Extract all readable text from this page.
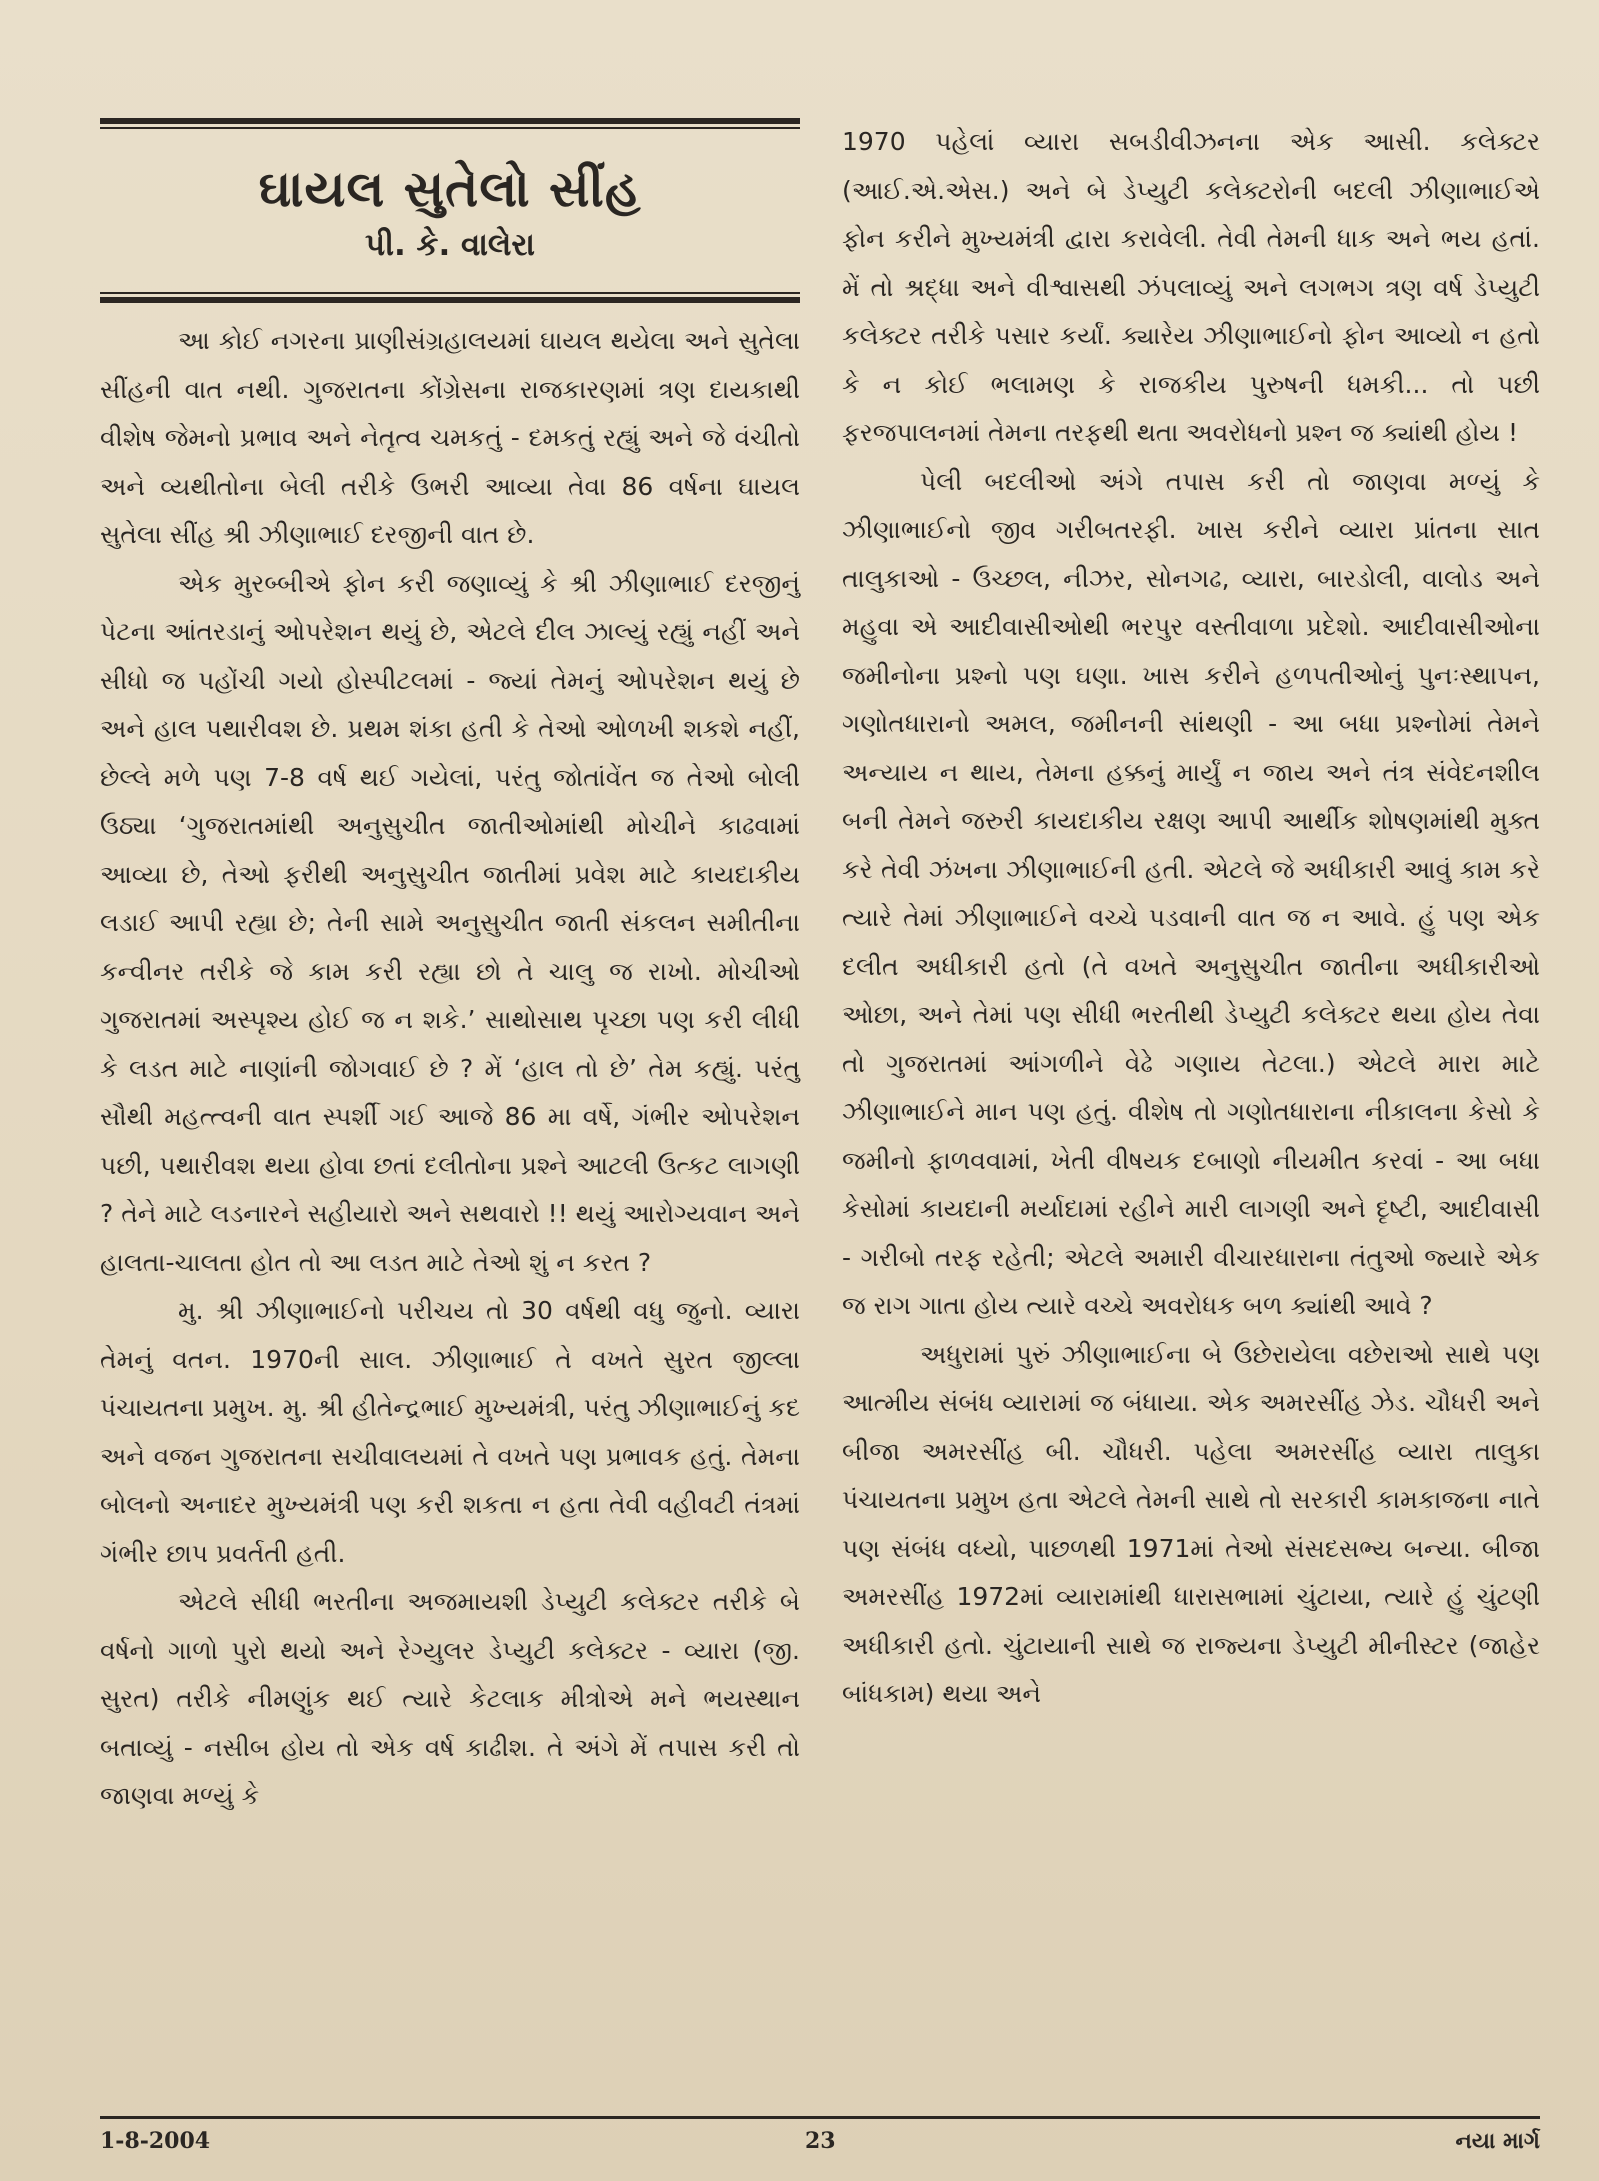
ઘાયલ સુતેલો સીંહ
પી. કે. વાલેરા

આ કોઈ નગરના પ્રાણીસંગ્રહાલયમાં ઘાયલ થયેલા અને સુતેલા સીંહની વાત નથી. ગુજરાતના કોંગ્રેસના રાજકારણમાં ત્રણ દાયકાથી વીશેષ જેમનો પ્રભાવ અને નેતૃત્વ ચમકતું - દમકતું રહ્યું અને જે વંચીતો અને વ્યથીતોના બેલી તરીકે ઉભરી આવ્યા તેવા 86 વર્ષના ઘાયલ સુતેલા સીંહ શ્રી ઝીણાભાઈ દરજીની વાત છે.

એક મુરબ્બીએ ફોન કરી જણાવ્યું કે શ્રી ઝીણાભાઈ દરજીનું પેટના આંતરડાનું ઓપરેશન થયું છે, એટલે દીલ ઝાલ્યું રહ્યું નહીં અને સીધો જ પહોંચી ગયો હોસ્પીટલમાં - જ્યાં તેમનું ઓપરેશન થયું છે અને હાલ પથારીવશ છે. પ્રથમ શંકા હતી કે તેઓ ઓળખી શકશે નહીં, છેલ્લે મળે પણ 7-8 વર્ષ થઈ ગયેલાં, પરંતુ જોતાંવેંત જ તેઓ બોલી ઉઠ્યા ‘ગુજરાતમાંથી અનુસુચીત જાતીઓમાંથી મોચીને કાઢવામાં આવ્યા છે, તેઓ ફરીથી અનુસુચીત જાતીમાં પ્રવેશ માટે કાયદાકીય લડાઈ આપી રહ્યા છે; તેની સામે અનુસુચીત જાતી સંકલન સમીતીના કન્વીનર તરીકે જે કામ કરી રહ્યા છો તે ચાલુ જ રાખો. મોચીઓ ગુજરાતમાં અસ્પૃશ્ય હોઈ જ ન શકે.’ સાથોસાથ પૃચ્છા પણ કરી લીધી કે લડત માટે નાણાંની જોગવાઈ છે ? મેં ‘હાલ તો છે’ તેમ કહ્યું. પરંતુ સૌથી મહત્ત્વની વાત સ્પર્શી ગઈ આજે 86 મા વર્ષે, ગંભીર ઓપરેશન પછી, પથારીવશ થયા હોવા છતાં દલીતોના પ્રશ્ને આટલી ઉત્કટ લાગણી ? તેને માટે લડનારને સહીયારો અને સથવારો !! થયું આરોગ્યવાન અને હાલતા-ચાલતા હોત તો આ લડત માટે તેઓ શું ન કરત ?

મુ. શ્રી ઝીણાભાઈનો પરીચય તો 30 વર્ષથી વધુ જુનો. વ્યારા તેમનું વતન. 1970ની સાલ. ઝીણાભાઈ તે વખતે સુરત જીલ્લા પંચાયતના પ્રમુખ. મુ. શ્રી હીતેન્દ્રભાઈ મુખ્યમંત્રી, પરંતુ ઝીણાભાઈનું કદ અને વજન ગુજરાતના સચીવાલયમાં તે વખતે પણ પ્રભાવક હતું. તેમના બોલનો અનાદર મુખ્યમંત્રી પણ કરી શકતા ન હતા તેવી વહીવટી તંત્રમાં ગંભીર છાપ પ્રવર્તતી હતી.

એટલે સીધી ભરતીના અજમાયશી ડેપ્યુટી કલેક્ટર તરીકે બે વર્ષનો ગાળો પુરો થયો અને રેગ્યુલર ડેપ્યુટી કલેક્ટર - વ્યારા (જી. સુરત) તરીકે નીમણુંક થઈ ત્યારે કેટલાક મીત્રોએ મને ભયસ્થાન બતાવ્યું - નસીબ હોય તો એક વર્ષ કાઢીશ. તે અંગે મેં તપાસ કરી તો જાણવા મળ્યું કે

1970 પહેલાં વ્યારા સબડીવીઝનના એક આસી. કલેક્ટર (આઈ.એ.એસ.) અને બે ડેપ્યુટી કલેક્ટરોની બદલી ઝીણાભાઈએ ફોન કરીને મુખ્યમંત્રી દ્વારા કરાવેલી. તેવી તેમની ધાક અને ભય હતાં. મેં તો શ્રદ્ધા અને વીશ્વાસથી ઝંપલાવ્યું અને લગભગ ત્રણ વર્ષ ડેપ્યુટી કલેક્ટર તરીકે પસાર કર્યાં. ક્યારેય ઝીણાભાઈનો ફોન આવ્યો ન હતો કે ન કોઈ ભલામણ કે રાજકીય પુરુષની ધમકી... તો પછી ફરજપાલનમાં તેમના તરફથી થતા અવરોધનો પ્રશ્ન જ ક્યાંથી હોય !

પેલી બદલીઓ અંગે તપાસ કરી તો જાણવા મળ્યું કે ઝીણાભાઈનો જીવ ગરીબતરફી. ખાસ કરીને વ્યારા પ્રાંતના સાત તાલુકાઓ - ઉચ્છલ, નીઝર, સોનગઢ, વ્યારા, બારડોલી, વાલોડ અને મહુવા એ આદીવાસીઓથી ભરપુર વસ્તીવાળા પ્રદેશો. આદીવાસીઓના જમીનોના પ્રશ્નો પણ ઘણા. ખાસ કરીને હળપતીઓનું પુનઃસ્થાપન, ગણોતધારાનો અમલ, જમીનની સાંથણી - આ બધા પ્રશ્નોમાં તેમને અન્યાય ન થાય, તેમના હક્કનું માર્યું ન જાય અને તંત્ર સંવેદનશીલ બની તેમને જરુરી કાયદાકીય રક્ષણ આપી આર્થીક શોષણમાંથી મુક્ત કરે તેવી ઝંખના ઝીણાભાઈની હતી. એટલે જે અધીકારી આવું કામ કરે ત્યારે તેમાં ઝીણાભાઈને વચ્ચે પડવાની વાત જ ન આવે. હું પણ એક દલીત અધીકારી હતો (તે વખતે અનુસુચીત જાતીના અધીકારીઓ ઓછા, અને તેમાં પણ સીધી ભરતીથી ડેપ્યુટી કલેક્ટર થયા હોય તેવા તો ગુજરાતમાં આંગળીને વેઢે ગણાય તેટલા.) એટલે મારા માટે ઝીણાભાઈને માન પણ હતું. વીશેષ તો ગણોતધારાના નીકાલના કેસો કે જમીનો ફાળવવામાં, ખેતી વીષયક દબાણો નીયમીત કરવાં - આ બધા કેસોમાં કાયદાની મર્યાદામાં રહીને મારી લાગણી અને દૃષ્ટી, આદીવાસી - ગરીબો તરફ રહેતી; એટલે અમારી વીચારધારાના તંતુઓ જ્યારે એક જ રાગ ગાતા હોય ત્યારે વચ્ચે અવરોધક બળ ક્યાંથી આવે ?

અધુરામાં પુરું ઝીણાભાઈના બે ઉછેરાયેલા વછેરાઓ સાથે પણ આત્મીય સંબંધ વ્યારામાં જ બંધાયા. એક અમરસીંહ ઝેડ. ચૌધરી અને બીજા અમરસીંહ બી. ચૌધરી. પહેલા અમરસીંહ વ્યારા તાલુકા પંચાયતના પ્રમુખ હતા એટલે તેમની સાથે તો સરકારી કામકાજના નાતે પણ સંબંધ વધ્યો, પાછળથી 1971માં તેઓ સંસદસભ્ય બન્યા. બીજા અમરસીંહ 1972માં વ્યારામાંથી ધારાસભામાં ચુંટાયા, ત્યારે હું ચુંટણી અધીકારી હતો. ચુંટાયાની સાથે જ રાજ્યના ડેપ્યુટી મીનીસ્ટર (જાહેર બાંધકામ) થયા અને

1-8-2004	23	નયા માર્ગ
